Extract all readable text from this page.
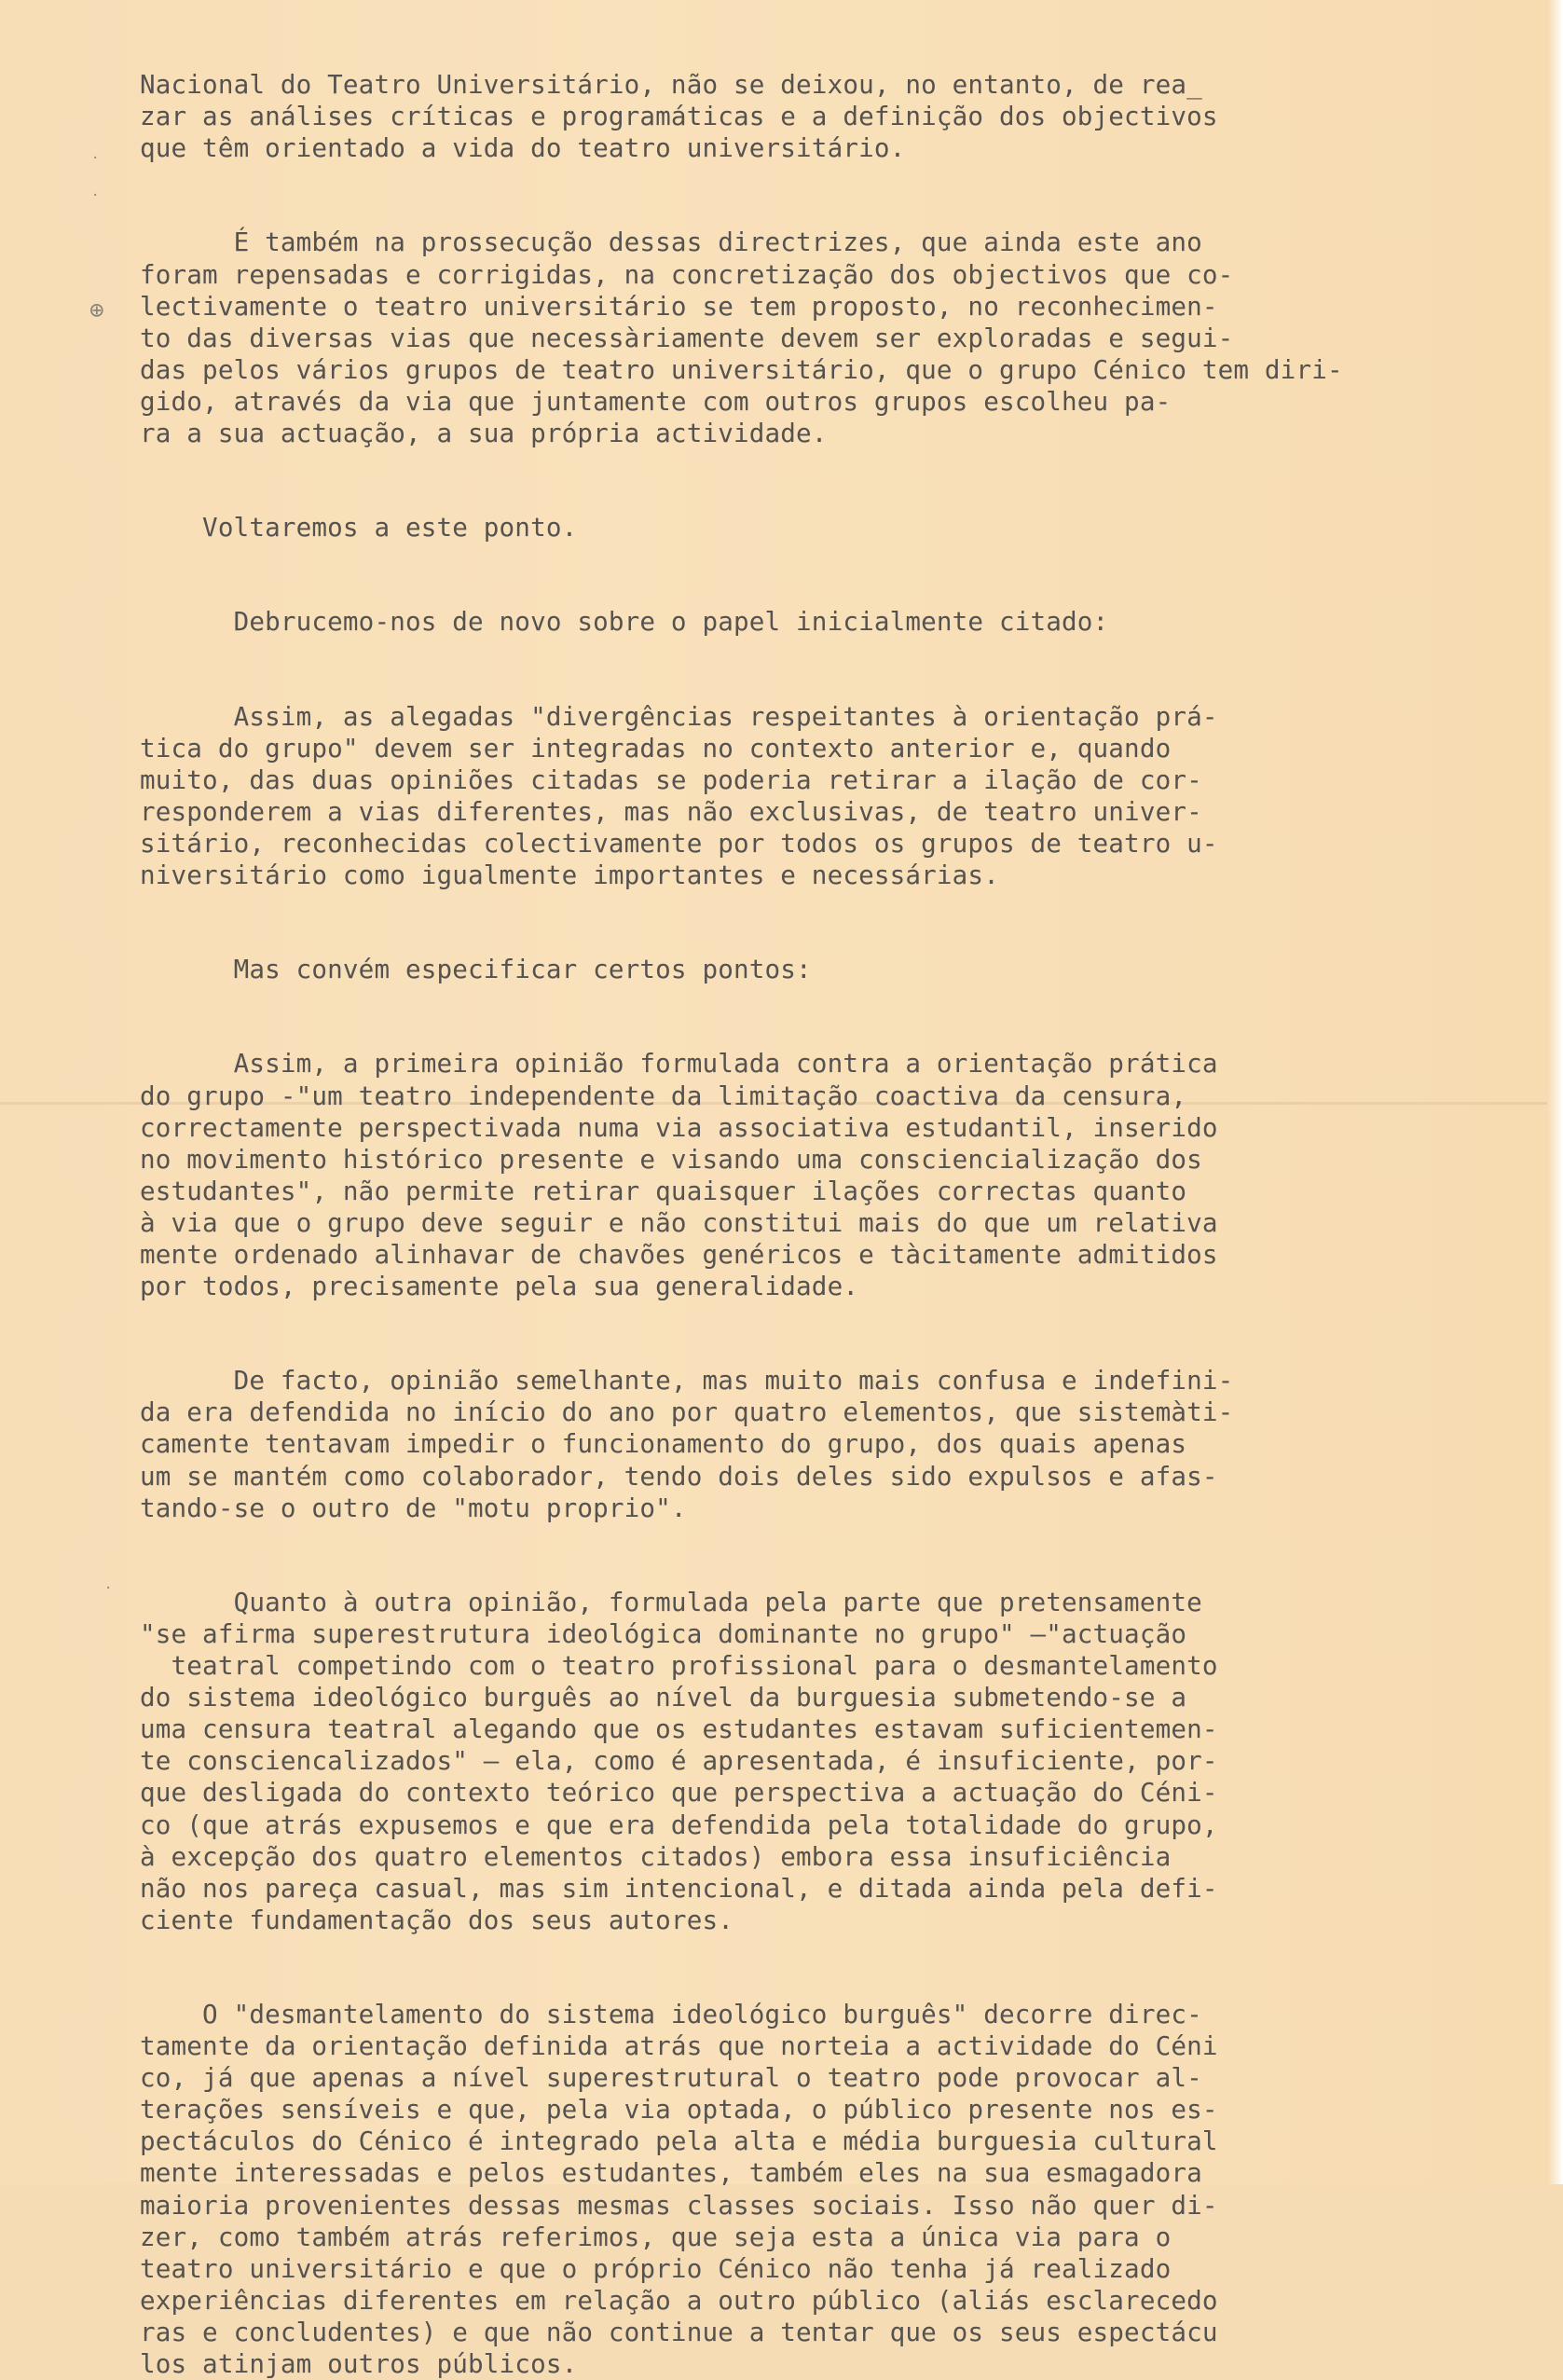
·
·
⊕
·

Nacional do Teatro Universitário, não se deixou, no entanto, de rea_
zar as análises críticas e programáticas e a definição dos objectivos
que têm orientado a vida do teatro universitário.

É também na prossecução dessas directrizes, que ainda este ano
foram repensadas e corrigidas, na concretização dos objectivos que co-
lectivamente o teatro universitário se tem proposto, no reconhecimen-
to das diversas vias que necessàriamente devem ser exploradas e segui-
das pelos vários grupos de teatro universitário, que o grupo Cénico tem diri-
gido, através da via que juntamente com outros grupos escolheu pa-
ra a sua actuação, a sua própria actividade.

Voltaremos a este ponto.

Debrucemo-nos de novo sobre o papel inicialmente citado:

Assim, as alegadas "divergências respeitantes à orientação prá-
tica do grupo" devem ser integradas no contexto anterior e, quando
muito, das duas opiniões citadas se poderia retirar a ilação de cor-
responderem a vias diferentes, mas não exclusivas, de teatro univer-
sitário, reconhecidas colectivamente por todos os grupos de teatro u-
niversitário como igualmente importantes e necessárias.

Mas convém especificar certos pontos:

Assim, a primeira opinião formulada contra a orientação prática
do grupo -"um teatro independente da limitação coactiva da censura,
correctamente perspectivada numa via associativa estudantil, inserido
no movimento histórico presente e visando uma consciencialização dos
estudantes", não permite retirar quaisquer ilações correctas quanto
à via que o grupo deve seguir e não constitui mais do que um relativa
mente ordenado alinhavar de chavões genéricos e tàcitamente admitidos
por todos, precisamente pela sua generalidade.

De facto, opinião semelhante, mas muito mais confusa e indefini-
da era defendida no início do ano por quatro elementos, que sistemàti-
camente tentavam impedir o funcionamento do grupo, dos quais apenas
um se mantém como colaborador, tendo dois deles sido expulsos e afas-
tando-se o outro de "motu proprio".

Quanto à outra opinião, formulada pela parte que pretensamente
"se afirma superestrutura ideológica dominante no grupo" —"actuação
teatral competindo com o teatro profissional para o desmantelamento
do sistema ideológico burguês ao nível da burguesia submetendo-se a
uma censura teatral alegando que os estudantes estavam suficientemen-
te consciencalizados" — ela, como é apresentada, é insuficiente, por-
que desligada do contexto teórico que perspectiva a actuação do Céni-
co (que atrás expusemos e que era defendida pela totalidade do grupo,
à excepção dos quatro elementos citados) embora essa insuficiência
não nos pareça casual, mas sim intencional, e ditada ainda pela defi-
ciente fundamentação dos seus autores.

O "desmantelamento do sistema ideológico burguês" decorre direc-
tamente da orientação definida atrás que norteia a actividade do Céni
co, já que apenas a nível superestrutural o teatro pode provocar al-
terações sensíveis e que, pela via optada, o público presente nos es-
pectáculos do Cénico é integrado pela alta e média burguesia cultural
mente interessadas e pelos estudantes, também eles na sua esmagadora
maioria provenientes dessas mesmas classes sociais. Isso não quer di-
zer, como também atrás referimos, que seja esta a única via para o
teatro universitário e que o próprio Cénico não tenha já realizado
experiências diferentes em relação a outro público (aliás esclarecedo
ras e concludentes) e que não continue a tentar que os seus espectácu
los atinjam outros públicos.
